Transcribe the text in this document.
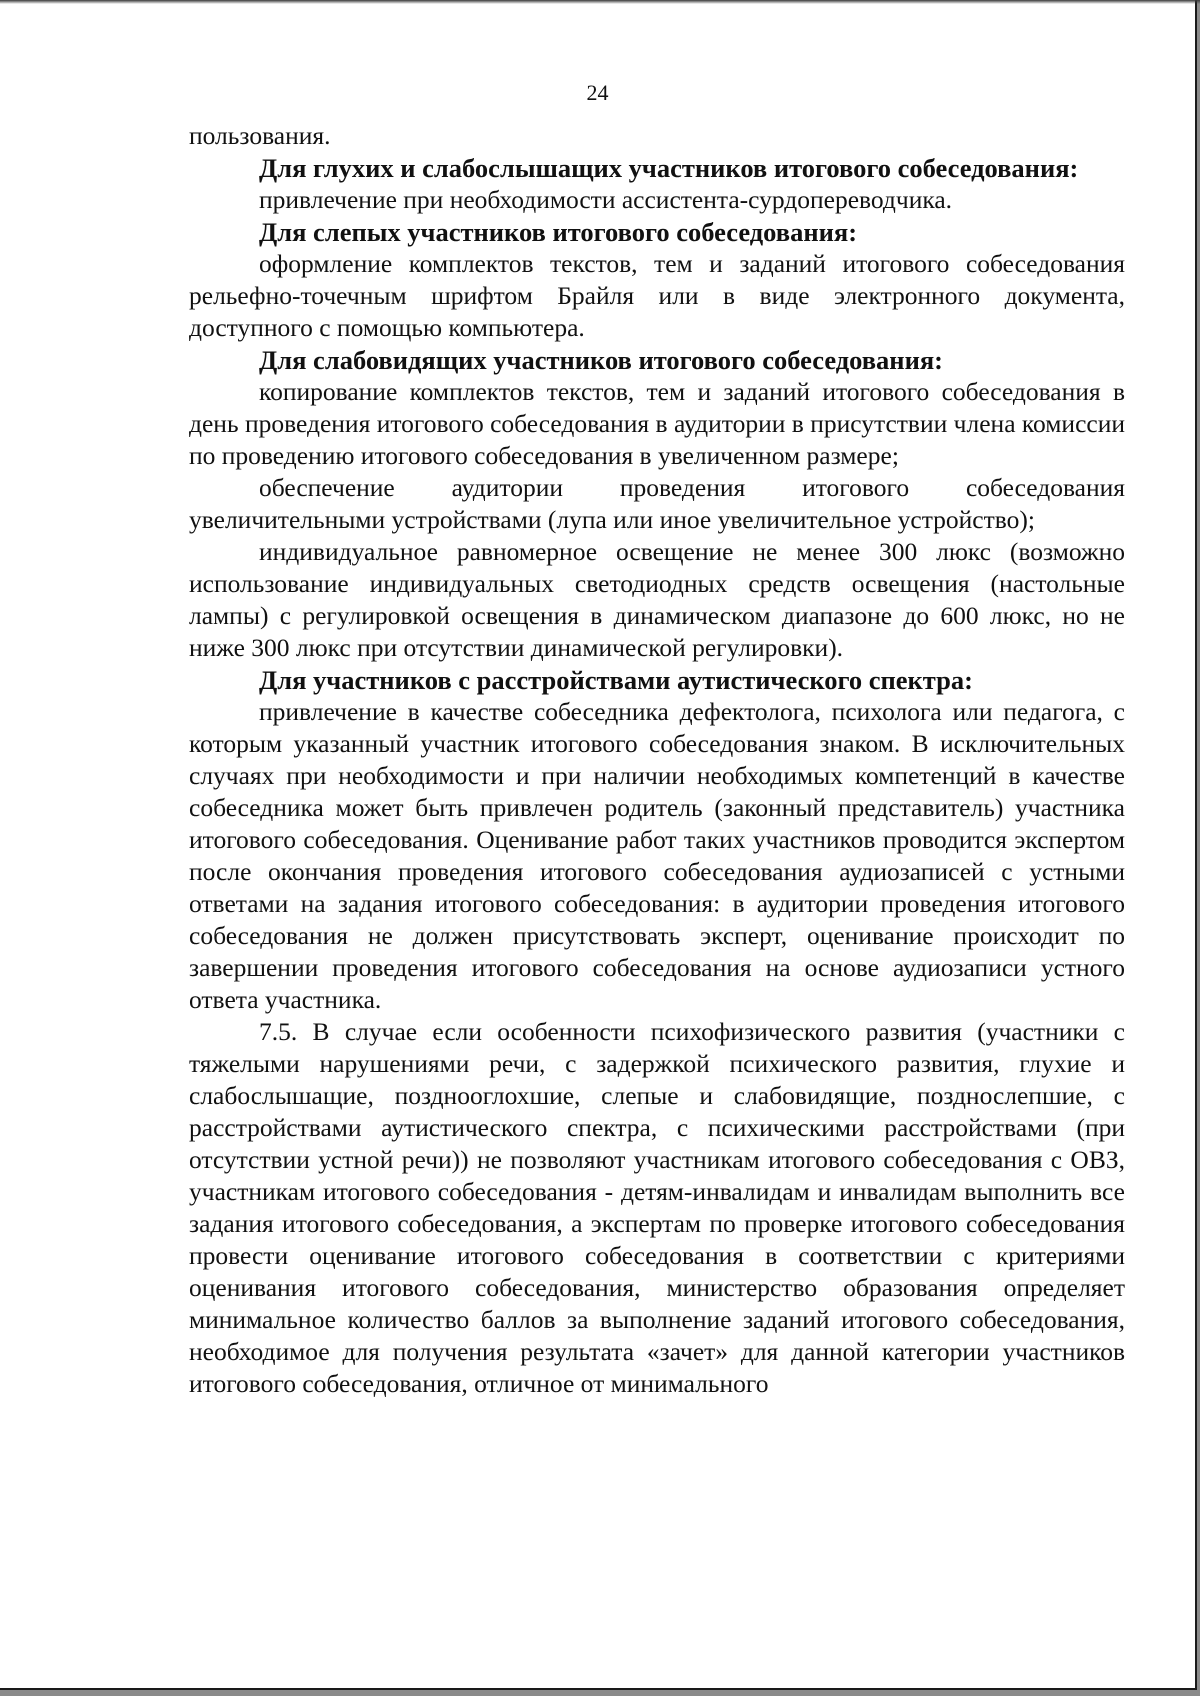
24

пользования.

Для глухих и слабослышащих участников итогового собеседования:

привлечение при необходимости ассистента-сурдопереводчика.

Для слепых участников итогового собеседования:

оформление комплектов текстов, тем и заданий итогового собеседования рельефно-точечным шрифтом Брайля или в виде электронного документа, доступного с помощью компьютера.

Для слабовидящих участников итогового собеседования:

копирование комплектов текстов, тем и заданий итогового собеседования в день проведения итогового собеседования в аудитории в присутствии члена комиссии по проведению итогового собеседования в увеличенном размере;

обеспечение аудитории проведения итогового собеседования увеличительными устройствами (лупа или иное увеличительное устройство);

индивидуальное равномерное освещение не менее 300 люкс (возможно использование индивидуальных светодиодных средств освещения (настольные лампы) с регулировкой освещения в динамическом диапазоне до 600 люкс, но не ниже 300 люкс при отсутствии динамической регулировки).

Для участников с расстройствами аутистического спектра:

привлечение в качестве собеседника дефектолога, психолога или педагога, с которым указанный участник итогового собеседования знаком. В исключительных случаях при необходимости и при наличии необходимых компетенций в качестве собеседника может быть привлечен родитель (законный представитель) участника итогового собеседования. Оценивание работ таких участников проводится экспертом после окончания проведения итогового собеседования аудиозаписей с устными ответами на задания итогового собеседования: в аудитории проведения итогового собеседования не должен присутствовать эксперт, оценивание происходит по завершении проведения итогового собеседования на основе аудиозаписи устного ответа участника.

7.5. В случае если особенности психофизического развития (участники с тяжелыми нарушениями речи, с задержкой психического развития, глухие и слабослышащие, позднооглохшие, слепые и слабовидящие, позднослепшие, с расстройствами аутистического спектра, с психическими расстройствами (при отсутствии устной речи)) не позволяют участникам итогового собеседования с ОВЗ, участникам итогового собеседования - детям-инвалидам и инвалидам выполнить все задания итогового собеседования, а экспертам по проверке итогового собеседования провести оценивание итогового собеседования в соответствии с критериями оценивания итогового собеседования, министерство образования определяет минимальное количество баллов за выполнение заданий итогового собеседования, необходимое для получения результата «зачет» для данной категории участников итогового собеседования, отличное от минимального
